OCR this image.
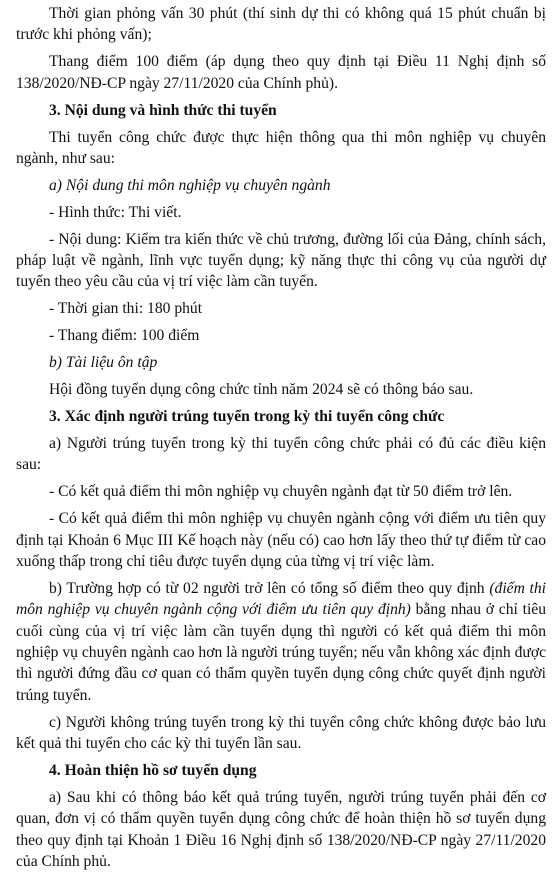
Thời gian phỏng vấn 30 phút (thí sinh dự thi có không quá 15 phút chuẩn bị trước khi phỏng vấn);

Thang điểm 100 điểm (áp dụng theo quy định tại Điều 11 Nghị định số 138/2020/NĐ-CP ngày 27/11/2020 của Chính phủ).

3. Nội dung và hình thức thi tuyển

Thi tuyển công chức được thực hiện thông qua thi môn nghiệp vụ chuyên ngành, như sau:

a) Nội dung thi môn nghiệp vụ chuyên ngành

- Hình thức: Thi viết.

- Nội dung: Kiểm tra kiến thức về chủ trương, đường lối của Đảng, chính sách, pháp luật về ngành, lĩnh vực tuyển dụng; kỹ năng thực thi công vụ của người dự tuyển theo yêu cầu của vị trí việc làm cần tuyển.

- Thời gian thi: 180 phút

- Thang điểm: 100 điểm

b) Tài liệu ôn tập

Hội đồng tuyển dụng công chức tỉnh năm 2024 sẽ có thông báo sau.

3. Xác định người trúng tuyển trong kỳ thi tuyển công chức

a) Người trúng tuyển trong kỳ thi tuyển công chức phải có đủ các điều kiện sau:

- Có kết quả điểm thi môn nghiệp vụ chuyên ngành đạt từ 50 điểm trở lên.

- Có kết quả điểm thi môn nghiệp vụ chuyên ngành cộng với điểm ưu tiên quy định tại Khoản 6 Mục III Kế hoạch này (nếu có) cao hơn lấy theo thứ tự điểm từ cao xuống thấp trong chỉ tiêu được tuyển dụng của từng vị trí việc làm.

b) Trường hợp có từ 02 người trở lên có tổng số điểm theo quy định (điểm thi môn nghiệp vụ chuyên ngành cộng với điểm ưu tiên quy định) bằng nhau ở chỉ tiêu cuối cùng của vị trí việc làm cần tuyển dụng thì người có kết quả điểm thi môn nghiệp vụ chuyên ngành cao hơn là người trúng tuyển; nếu vẫn không xác định được thì người đứng đầu cơ quan có thẩm quyền tuyển dụng công chức quyết định người trúng tuyển.

c) Người không trúng tuyển trong kỳ thi tuyển công chức không được bảo lưu kết quả thi tuyển cho các kỳ thi tuyển lần sau.

4. Hoàn thiện hồ sơ tuyển dụng

a) Sau khi có thông báo kết quả trúng tuyển, người trúng tuyển phải đến cơ quan, đơn vị có thẩm quyền tuyển dụng công chức để hoàn thiện hồ sơ tuyển dụng theo quy định tại Khoản 1 Điều 16 Nghị định số 138/2020/NĐ-CP ngày 27/11/2020 của Chính phủ.
